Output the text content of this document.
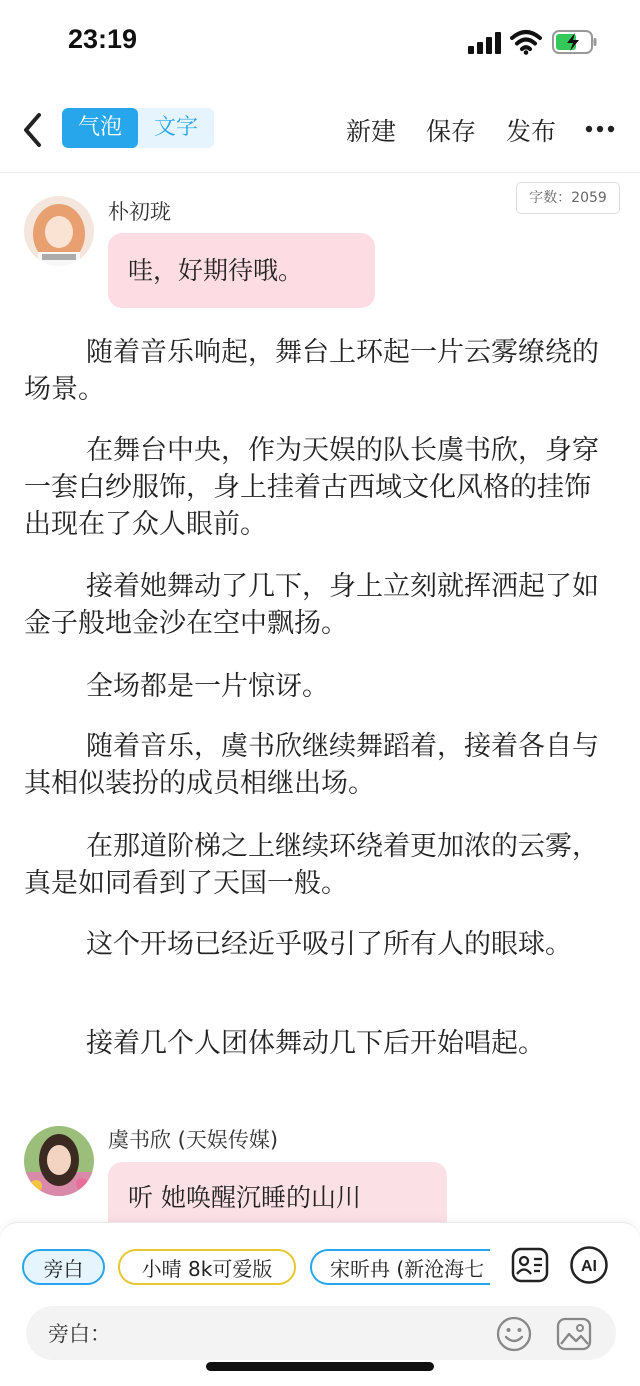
23:19
气泡	文字	新建 保存 发布
字数：2059
朴初珑
哇，好期待哦。

随着音乐响起，舞台上环起一片云雾缭绕的场景。

在舞台中央，作为天娱的队长虞书欣，身穿一套白纱服饰，身上挂着古西域文化风格的挂饰出现在了众人眼前。

接着她舞动了几下，身上立刻就挥洒起了如金子般地金沙在空中飘扬。

全场都是一片惊讶。

随着音乐，虞书欣继续舞蹈着，接着各自与其相似装扮的成员相继出场。

在那道阶梯之上继续环绕着更加浓的云雾，真是如同看到了天国一般。

这个开场已经近乎吸引了所有人的眼球。

接着几个人团体舞动几下后开始唱起。

虞书欣 (天娱传媒)
听 她唤醒沉睡的山川
旁白	小晴 8k可爱版	宋昕冉 (新沧海七	AI
旁白：
